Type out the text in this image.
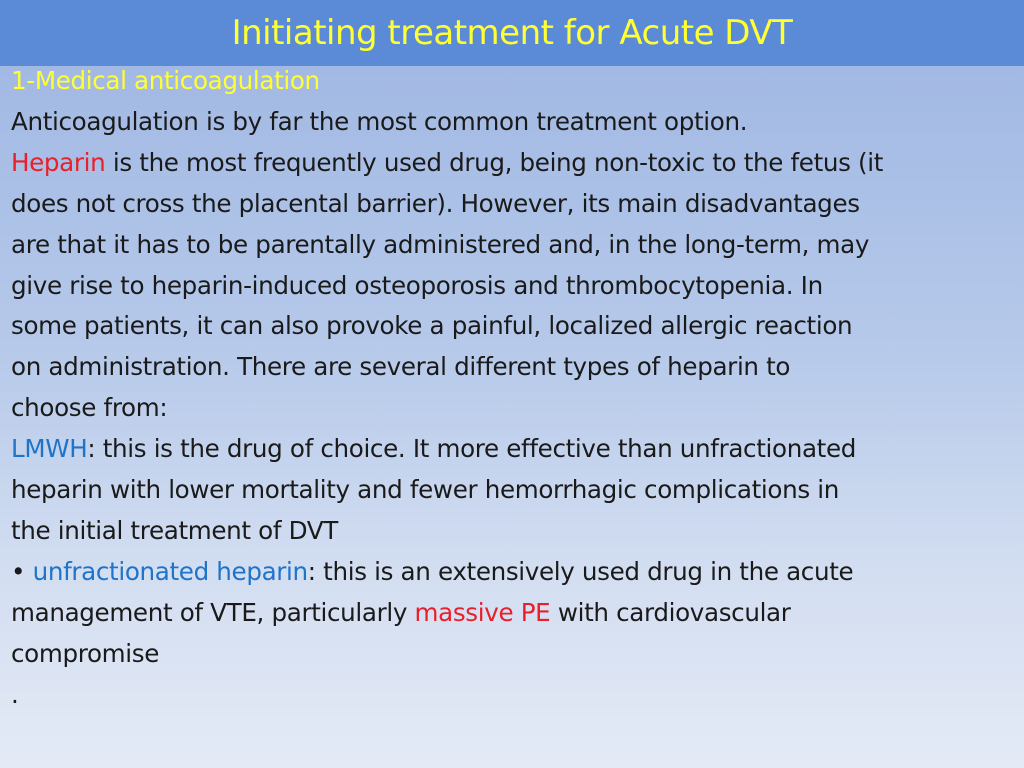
Initiating treatment for Acute DVT
1-Medical anticoagulation
Anticoagulation is by far the most common treatment option.
Heparin is the most frequently used drug, being non-toxic to the fetus (it
does not cross the placental barrier). However, its main disadvantages
are that it has to be parentally administered and, in the long-term, may
give rise to heparin-induced osteoporosis and thrombocytopenia. In
some patients, it can also provoke a painful, localized allergic reaction
on administration. There are several different types of heparin to
choose from:
LMWH: this is the drug of choice. It more effective than unfractionated
heparin with lower mortality and fewer hemorrhagic complications in
the initial treatment of DVT
• unfractionated heparin: this is an extensively used drug in the acute
management of VTE, particularly massive PE with cardiovascular
compromise
.
